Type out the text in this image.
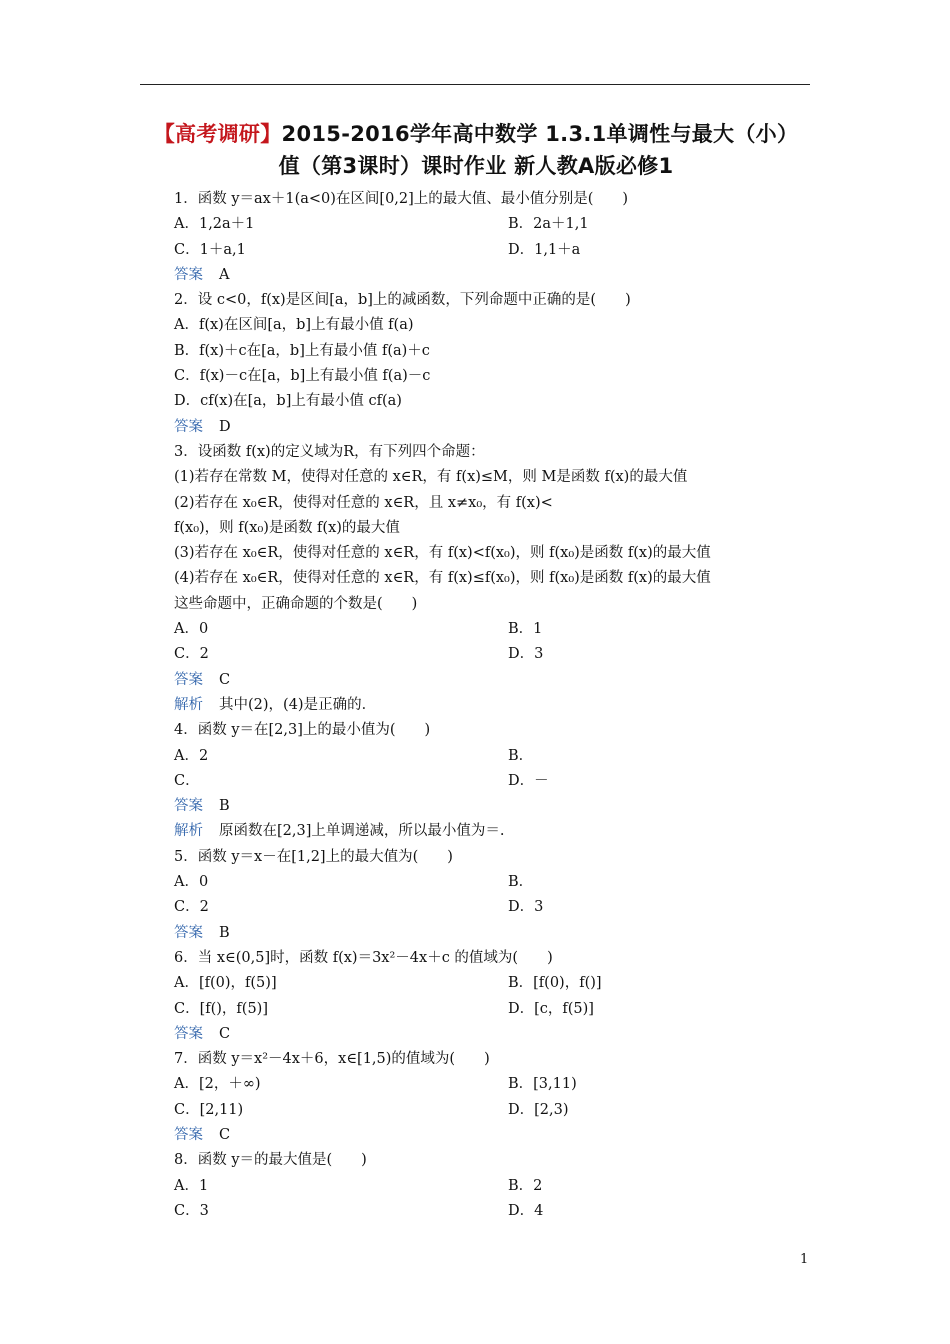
【高考调研】2015-2016学年高中数学 1.3.1单调性与最大（小）
值（第3课时）课时作业 新人教A版必修1
1．函数 y＝ax＋1(a<0)在区间[0,2]上的最大值、最小值分别是(　　)
A．1,2a＋1	B．2a＋1,1
C．1＋a,1	D．1,1＋a
答案 A
2．设 c<0，f(x)是区间[a，b]上的减函数，下列命题中正确的是(　　)
A．f(x)在区间[a，b]上有最小值 f(a)
B．f(x)＋c在[a，b]上有最小值 f(a)＋c
C．f(x)－c在[a，b]上有最小值 f(a)－c
D．cf(x)在[a，b]上有最小值 cf(a)
答案 D
3．设函数 f(x)的定义域为R，有下列四个命题：
(1)若存在常数 M，使得对任意的 x∈R，有 f(x)≤M，则 M是函数 f(x)的最大值
(2)若存在 x₀∈R，使得对任意的 x∈R，且 x≠x₀，有 f(x)<
f(x₀)，则 f(x₀)是函数 f(x)的最大值
(3)若存在 x₀∈R，使得对任意的 x∈R，有 f(x)<f(x₀)，则 f(x₀)是函数 f(x)的最大值
(4)若存在 x₀∈R，使得对任意的 x∈R，有 f(x)≤f(x₀)，则 f(x₀)是函数 f(x)的最大值
这些命题中，正确命题的个数是(　　)
A．0	B．1
C．2	D．3
答案 C
解析 其中(2)，(4)是正确的．
4．函数 y＝在[2,3]上的最小值为(　　)
A．2	B．
C．	D．－
答案 B
解析 原函数在[2,3]上单调递减，所以最小值为＝.
5．函数 y＝x－在[1,2]上的最大值为(　　)
A．0	B．
C．2	D．3
答案 B
6．当 x∈(0,5]时，函数 f(x)＝3x²－4x＋c 的值域为(　　)
A．[f(0)，f(5)]	B．[f(0)，f()]
C．[f()，f(5)]	D．[c，f(5)]
答案 C
7．函数 y＝x²－4x＋6，x∈[1,5)的值域为(　　)
A．[2，＋∞)	B．[3,11)
C．[2,11)	D．[2,3)
答案 C
8．函数 y＝的最大值是(　　)
A．1	B．2
C．3	D．4
1
